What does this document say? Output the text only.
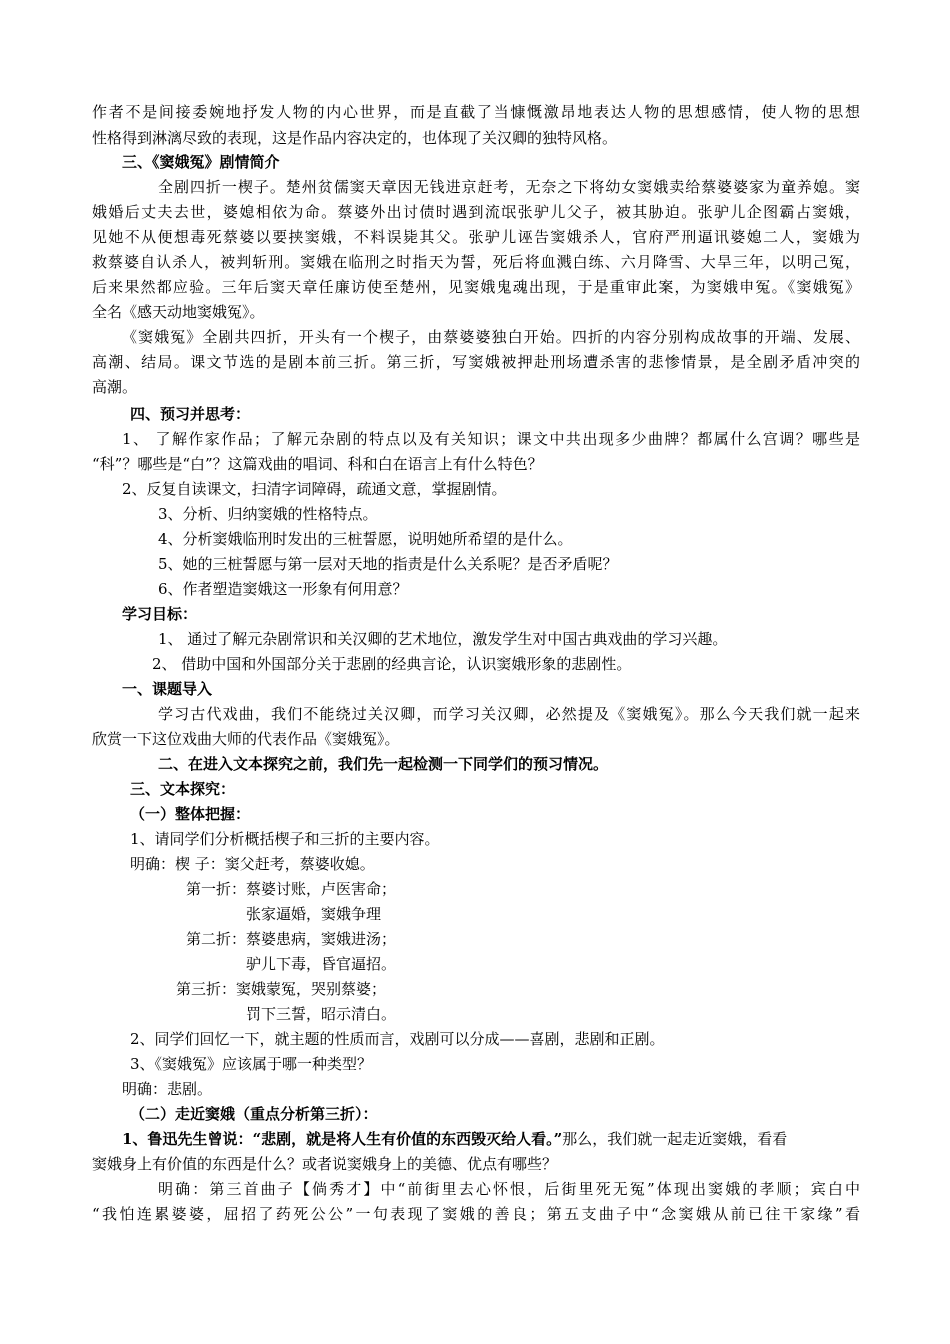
作者不是间接委婉地抒发人物的内心世界，而是直截了当慷慨激昂地表达人物的思想感情，使人物的思想
性格得到淋漓尽致的表现，这是作品内容决定的，也体现了关汉卿的独特风格。
三、《窦娥冤》剧情简介
全剧四折一楔子。楚州贫儒窦天章因无钱进京赶考，无奈之下将幼女窦娥卖给蔡婆婆家为童养媳。窦
娥婚后丈夫去世，婆媳相依为命。蔡婆外出讨债时遇到流氓张驴儿父子，被其胁迫。张驴儿企图霸占窦娥，
见她不从便想毒死蔡婆以要挟窦娥，不料误毙其父。张驴儿诬告窦娥杀人，官府严刑逼讯婆媳二人，窦娥为
救蔡婆自认杀人，被判斩刑。窦娥在临刑之时指天为誓，死后将血溅白练、六月降雪、大旱三年，以明己冤，
后来果然都应验。三年后窦天章任廉访使至楚州，见窦娥鬼魂出现，于是重审此案，为窦娥申冤。《窦娥冤》
全名《感天动地窦娥冤》。
《窦娥冤》全剧共四折，开头有一个楔子，由蔡婆婆独白开始。四折的内容分别构成故事的开端、发展、
高潮、结局。课文节选的是剧本前三折。第三折，写窦娥被押赴刑场遭杀害的悲惨情景，是全剧矛盾冲突的
高潮。
四、预习并思考：
1、 了解作家作品；了解元杂剧的特点以及有关知识；课文中共出现多少曲牌？都属什么宫调？哪些是
“科”？哪些是“白”？这篇戏曲的唱词、科和白在语言上有什么特色？
2、反复自读课文，扫清字词障碍，疏通文意，掌握剧情。
3、分析、归纳窦娥的性格特点。
4、分析窦娥临刑时发出的三桩誓愿，说明她所希望的是什么。
5、她的三桩誓愿与第一层对天地的指责是什么关系呢？是否矛盾呢？
6、作者塑造窦娥这一形象有何用意？
学习目标：
1、 通过了解元杂剧常识和关汉卿的艺术地位，激发学生对中国古典戏曲的学习兴趣。
2、 借助中国和外国部分关于悲剧的经典言论，认识窦娥形象的悲剧性。
一、课题导入
学习古代戏曲，我们不能绕过关汉卿，而学习关汉卿，必然提及《窦娥冤》。那么今天我们就一起来
欣赏一下这位戏曲大师的代表作品《窦娥冤》。
二、在进入文本探究之前，我们先一起检测一下同学们的预习情况。
三、文本探究：
（一）整体把握：
1、请同学们分析概括楔子和三折的主要内容。
明确：楔 子：窦父赶考，蔡婆收媳。
第一折：蔡婆讨账，卢医害命；
张家逼婚，窦娥争理
第二折：蔡婆患病，窦娥进汤；
驴儿下毒，昏官逼招。
第三折：窦娥蒙冤，哭别蔡婆；
罚下三誓，昭示清白。
2、同学们回忆一下，就主题的性质而言，戏剧可以分成——喜剧，悲剧和正剧。
3、《窦娥冤》应该属于哪一种类型？
明确：悲剧。
（二）走近窦娥（重点分析第三折）：
1、鲁迅先生曾说：“悲剧，就是将人生有价值的东西毁灭给人看。”那么，我们就一起走近窦娥，看看
窦娥身上有价值的东西是什么？或者说窦娥身上的美德、优点有哪些？
明确：第三首曲子【倘秀才】中“前街里去心怀恨，后街里死无冤”体现出窦娥的孝顺；宾白中
“我怕连累婆婆，屈招了药死公公”一句表现了窦娥的善良；第五支曲子中“念窦娥从前已往干家缘”看
